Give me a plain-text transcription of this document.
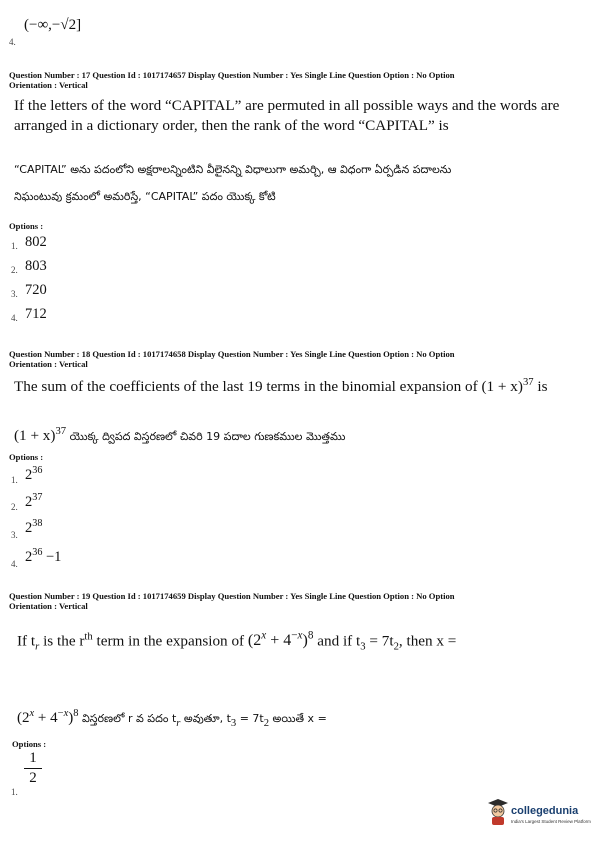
4.
(−∞,−√2]
Question Number : 17 Question Id : 1017174657 Display Question Number : Yes Single Line Question Option : No Option
Orientation : Vertical
If the letters of the word “CAPITAL” are permuted in all possible ways and the words are
arranged in a dictionary order, then the rank of the word “CAPITAL” is
“CAPITAL” అను పదంలోని అక్షరాలన్నింటిని వీలైనన్ని విధాలుగా అమర్చి, ఆ విధంగా ఏర్పడిన పదాలను
నిఘంటువు క్రమంలో అమరిస్తే, “CAPITAL” పదం యొక్క కోటి
Options :
1. 802
2. 803
3. 720
4. 712
Question Number : 18 Question Id : 1017174658 Display Question Number : Yes Single Line Question Option : No Option
Orientation : Vertical
The sum of the coefficients of the last 19 terms in the binomial expansion of $(1 + x)^{37}$ is
$(1 + x)^{37}$ యొక్క ద్విపద విస్తరణలో చివరి 19 పదాల గుణకముల మొత్తము
Options :
1. $2^{36}$
2. $2^{37}$
3. $2^{38}$
4. $2^{36} -1$
Question Number : 19 Question Id : 1017174659 Display Question Number : Yes Single Line Question Option : No Option
Orientation : Vertical
If $t_r$ is the $r^{th}$ term in the expansion of $(2^x + 4^{-x})^8$ and if $t_3 = 7t_2$, then x =
$(2^x + 4^{-x})^8$ విస్తరణలో r వ పదం $t_r$ అవుతూ, $t_3 = 7t_2$ అయితే x =
Options :
1.
1
2
collegedunia
India's Largest Student Review Platform
